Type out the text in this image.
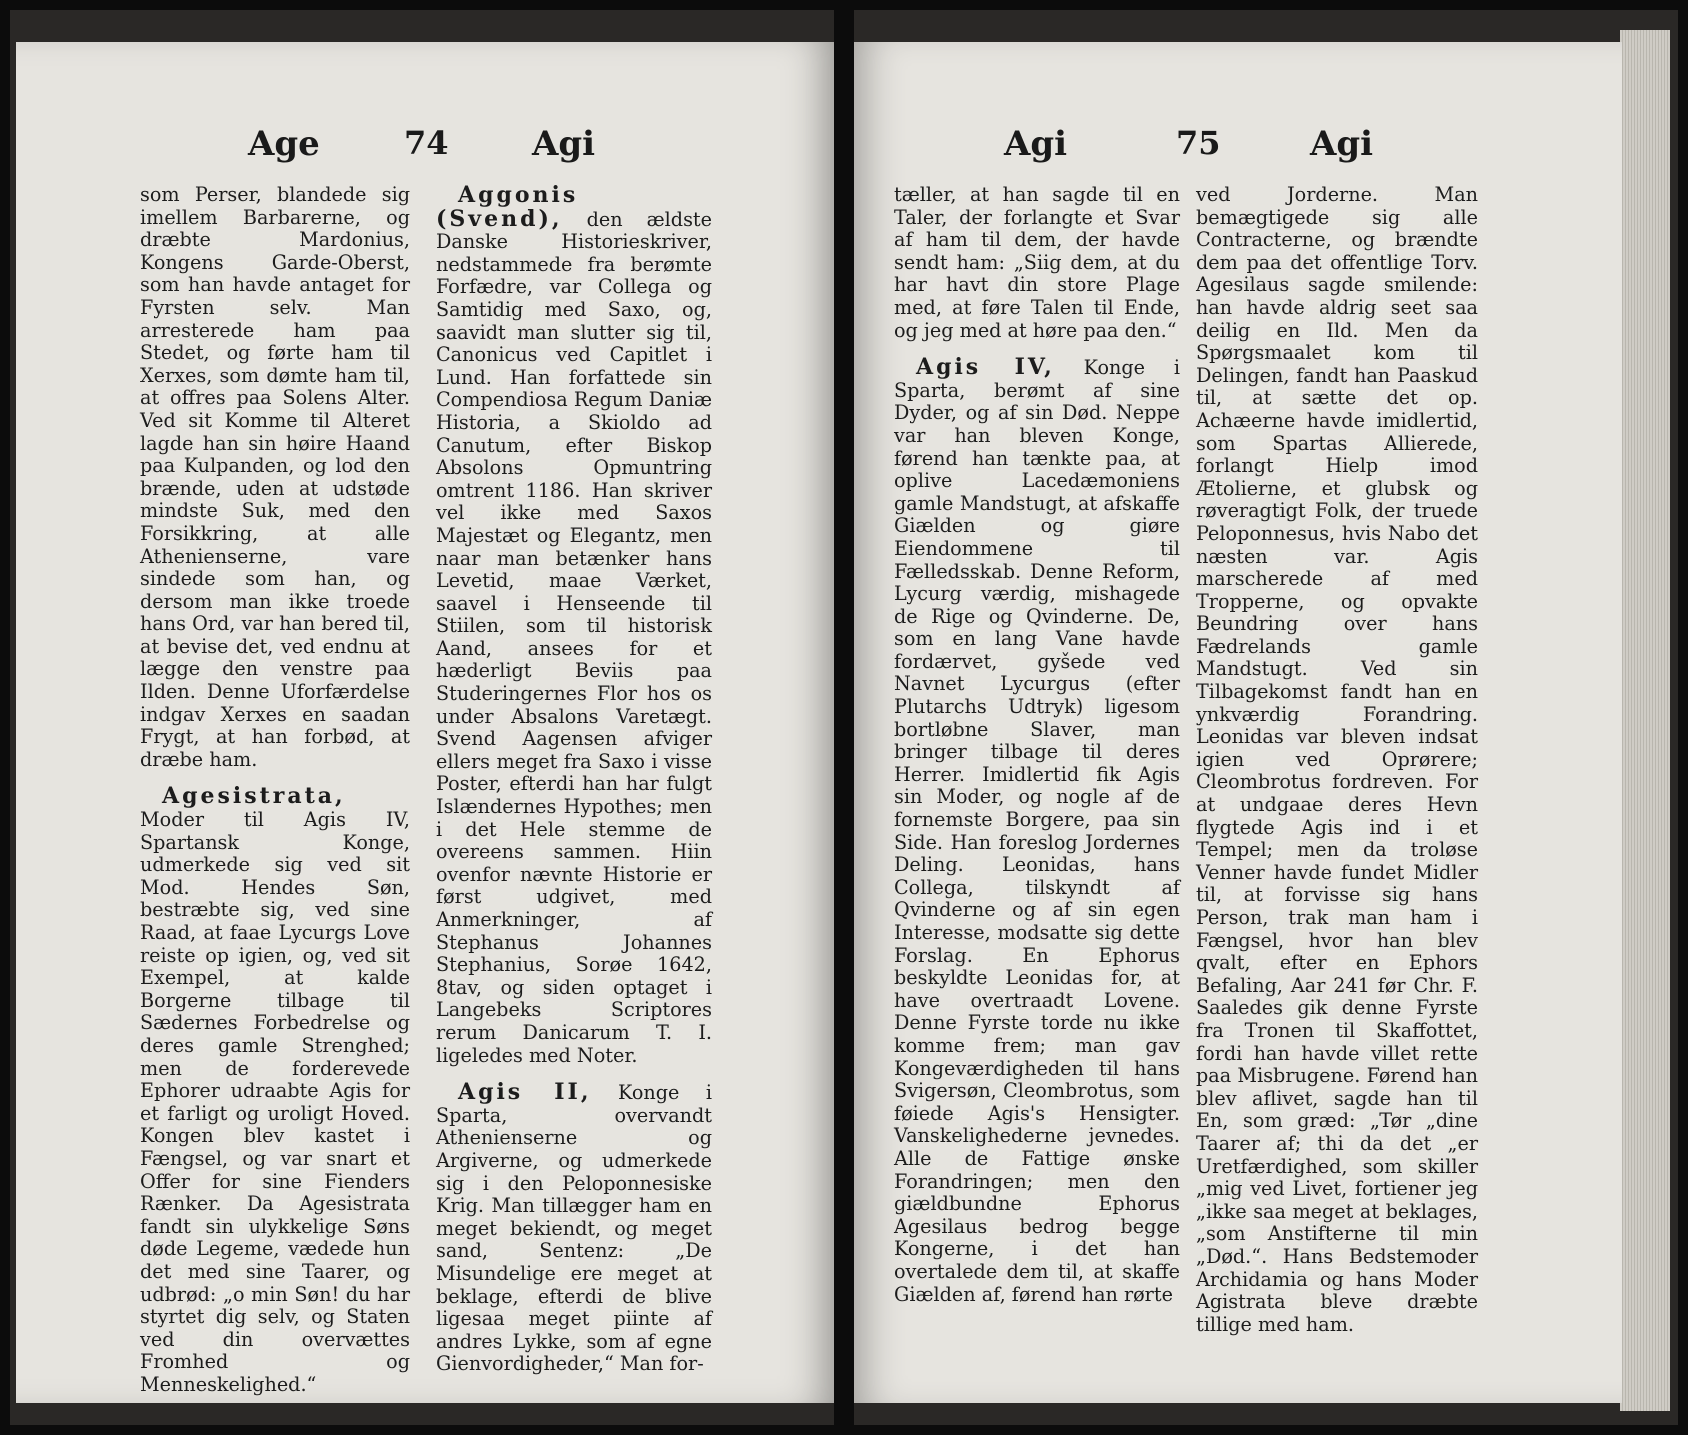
Age	74 Agi

som Perser, blandede sig imellem Barbarerne, og dræbte Mardonius, Kongens Garde-Oberst, som han havde antaget for Fyrsten selv. Man arresterede ham paa Stedet, og førte ham til Xerxes, som dømte ham til, at offres paa Solens Alter. Ved sit Komme til Alteret lagde han sin høire Haand paa Kulpanden, og lod den brænde, uden at udstøde mindste Suk, med den Forsikkring, at alle Athenienserne, vare sindede som han, og dersom man ikke troede hans Ord, var han bered til, at bevise det, ved endnu at lægge den venstre paa Ilden. Denne Uforfærdelse indgav Xerxes en saadan Frygt, at han forbød, at dræbe ham.

Agesistrata, Moder til Agis IV, Spartansk Konge, udmerkede sig ved sit Mod. Hendes Søn, bestræbte sig, ved sine Raad, at faae Lycurgs Love reiste op igien, og, ved sit Exempel, at kalde Borgerne tilbage til Sædernes Forbedrelse og deres gamle Strenghed; men de forderevede Ephorer udraabte Agis for et farligt og uroligt Hoved. Kongen blev kastet i Fængsel, og var snart et Offer for sine Fienders Rænker. Da Agesistrata fandt sin ulykkelige Søns døde Legeme, vædede hun det med sine Taarer, og udbrød: „o min Søn! du har styrtet dig selv, og Staten ved din overvættes Fromhed og Menneskelighed.“

Aggonis (Svend), den ældste Danske Historieskriver, nedstammede fra berømte Forfædre, var Collega og Samtidig med Saxo, og, saavidt man slutter sig til, Canonicus ved Capitlet i Lund. Han forfattede sin Compendiosa Regum Daniæ Historia, a Skioldo ad Canutum, efter Biskop Absolons Opmuntring omtrent 1186. Han skriver vel ikke med Saxos Majestæt og Elegantz, men naar man betænker hans Levetid, maae Værket, saavel i Henseende til Stiilen, som til historisk Aand, ansees for et hæderligt Beviis paa Studeringernes Flor hos os under Absalons Varetægt. Svend Aagensen afviger ellers meget fra Saxo i visse Poster, efterdi han har fulgt Islændernes Hypothes; men i det Hele stemme de overeens sammen. Hiin ovenfor nævnte Historie er først udgivet, med Anmerkninger, af Stephanus Johannes Stephanius, Sorøe 1642, 8tav, og siden optaget i Langebeks Scriptores rerum Danicarum T. I. ligeledes med Noter.

Agis II, Konge i Sparta, overvandt Athenienserne og Argiverne, og udmerkede sig i den Peloponnesiske Krig. Man tillægger ham en meget bekiendt, og meget sand, Sentenz: „De Misundelige ere meget at beklage, efterdi de blive ligesaa meget piinte af andres Lykke, som af egne Gienvordigheder,“ Man for-

Agi	75	Agi

tæller, at han sagde til en Taler, der forlangte et Svar af ham til dem, der havde sendt ham: „Siig dem, at du har havt din store Plage med, at føre Talen til Ende, og jeg med at høre paa den.“

Agis IV, Konge i Sparta, berømt af sine Dyder, og af sin Død. Neppe var han bleven Konge, førend han tænkte paa, at oplive Lacedæmoniens gamle Mandstugt, at afskaffe Giælden og giøre Eiendommene til Fælledsskab. Denne Reform, Lycurg værdig, mishagede de Rige og Qvinderne. De, som en lang Vane havde fordærvet, gyšede ved Navnet Lycurgus (efter Plutarchs Udtryk) ligesom bortløbne Slaver, man bringer tilbage til deres Herrer. Imidlertid fik Agis sin Moder, og nogle af de fornemste Borgere, paa sin Side. Han foreslog Jordernes Deling. Leonidas, hans Collega, tilskyndt af Qvinderne og af sin egen Interesse, modsatte sig dette Forslag. En Ephorus beskyldte Leonidas for, at have overtraadt Lovene. Denne Fyrste torde nu ikke komme frem; man gav Kongeværdigheden til hans Svigersøn, Cleombrotus, som føiede Agis's Hensigter. Vanskelighederne jevnedes. Alle de Fattige ønske Forandringen; men den giældbundne Ephorus Agesilaus bedrog begge Kongerne, i det han overtalede dem til, at skaffe Giælden af, førend han rørte

ved Jorderne. Man bemægtigede sig alle Contracterne, og brændte dem paa det offentlige Torv. Agesilaus sagde smilende: han havde aldrig seet saa deilig en Ild. Men da Spørgsmaalet kom til Delingen, fandt han Paaskud til, at sætte det op. Achæerne havde imidlertid, som Spartas Allierede, forlangt Hielp imod Ætolierne, et glubsk og røveragtigt Folk, der truede Peloponnesus, hvis Nabo det næsten var. Agis marscherede af med Tropperne, og opvakte Beundring over hans Fædrelands gamle Mandstugt. Ved sin Tilbagekomst fandt han en ynkværdig Forandring. Leonidas var bleven indsat igien ved Oprørere; Cleombrotus fordreven. For at undgaae deres Hevn flygtede Agis ind i et Tempel; men da troløse Venner havde fundet Midler til, at forvisse sig hans Person, trak man ham i Fængsel, hvor han blev qvalt, efter en Ephors Befaling, Aar 241 før Chr. F. Saaledes gik denne Fyrste fra Tronen til Skaffottet, fordi han havde villet rette paa Misbrugene. Førend han blev aflivet, sagde han til En, som græd: „Tør „dine Taarer af; thi da det „er Uretfærdighed, som skiller „mig ved Livet, fortiener jeg „ikke saa meget at beklages, „som Anstifterne til min „Død.“. Hans Bedstemoder Archidamia og hans Moder Agistrata bleve dræbte tillige med ham.
